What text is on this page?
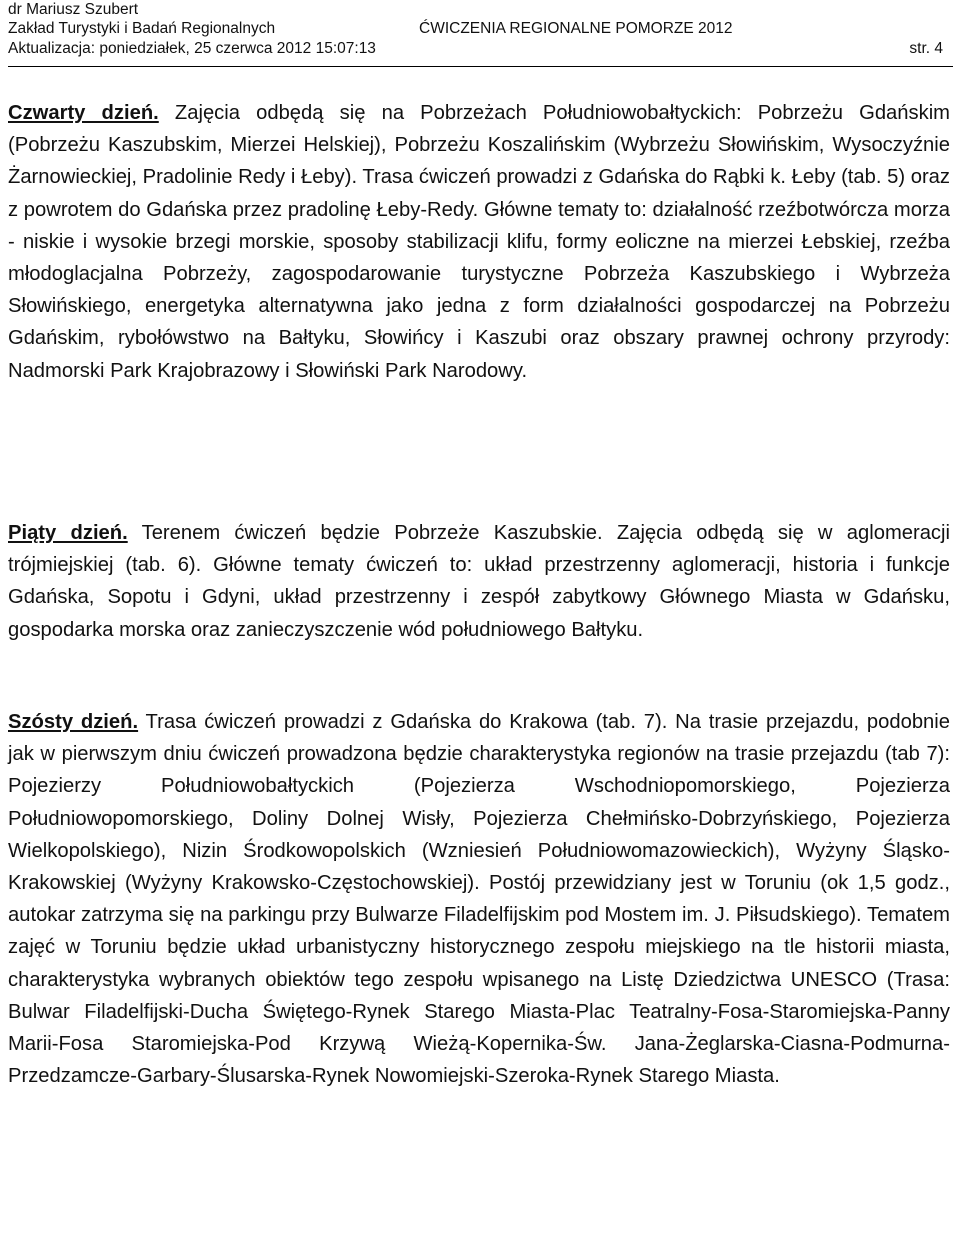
dr Mariusz Szubert
Zakład Turystyki i Badań Regionalnych	ĆWICZENIA REGIONALNE POMORZE 2012
Aktualizacja: poniedziałek, 25 czerwca 2012 15:07:13	str. 4
Czwarty dzień. Zajęcia odbędą się na Pobrzeżach Południowobałtyckich: Pobrzeżu Gdańskim (Pobrzeżu Kaszubskim, Mierzei Helskiej), Pobrzeżu Koszalińskim (Wybrzeżu Słowińskim, Wysoczyźnie Żarnowieckiej, Pradolinie Redy i Łeby). Trasa ćwiczeń prowadzi z Gdańska do Rąbki k. Łeby (tab. 5) oraz z powrotem do Gdańska przez pradolinę Łeby-Redy. Główne tematy to: działalność rzeźbotwórcza morza - niskie i wysokie brzegi morskie, sposoby stabilizacji klifu, formy eoliczne na mierzei Łebskiej, rzeźba młodoglacjalna Pobrzeży, zagospodarowanie turystyczne Pobrzeża Kaszubskiego i Wybrzeża Słowińskiego, energetyka alternatywna jako jedna z form działalności gospodarczej na Pobrzeżu Gdańskim, rybołówstwo na Bałtyku, Słowińcy i Kaszubi oraz obszary prawnej ochrony przyrody: Nadmorski Park Krajobrazowy i Słowiński Park Narodowy.
Piąty dzień. Terenem ćwiczeń będzie Pobrzeże Kaszubskie. Zajęcia odbędą się w aglomeracji trójmiejskiej (tab. 6). Główne tematy ćwiczeń to: układ przestrzenny aglomeracji, historia i funkcje Gdańska, Sopotu i Gdyni, układ przestrzenny i zespół zabytkowy Głównego Miasta w Gdańsku, gospodarka morska oraz zanieczyszczenie wód południowego Bałtyku.
Szósty dzień. Trasa ćwiczeń prowadzi z Gdańska do Krakowa (tab. 7). Na trasie przejazdu, podobnie jak w pierwszym dniu ćwiczeń prowadzona będzie charakterystyka regionów na trasie przejazdu (tab 7): Pojezierzy Południowobałtyckich (Pojezierza Wschodniopomorskiego, Pojezierza Południowopomorskiego, Doliny Dolnej Wisły, Pojezierza Chełmińsko-Dobrzyńskiego, Pojezierza Wielkopolskiego), Nizin Środkowopolskich (Wzniesień Południowomazowieckich), Wyżyny Śląsko-Krakowskiej (Wyżyny Krakowsko-Częstochowskiej). Postój przewidziany jest w Toruniu (ok 1,5 godz., autokar zatrzyma się na parkingu przy Bulwarze Filadelfijskim pod Mostem im. J. Piłsudskiego). Tematem zajęć w Toruniu będzie układ urbanistyczny historycznego zespołu miejskiego na tle historii miasta, charakterystyka wybranych obiektów tego zespołu wpisanego na Listę Dziedzictwa UNESCO (Trasa: Bulwar Filadelfijski-Ducha Świętego-Rynek Starego Miasta-Plac Teatralny-Fosa-Staromiejska-Panny Marii-Fosa Staromiejska-Pod Krzywą Wieżą-Kopernika-Św. Jana-Żeglarska-Ciasna-Podmurna-Przedzamcze-Garbary-Ślusarska-Rynek Nowomiejski-Szeroka-Rynek Starego Miasta.
